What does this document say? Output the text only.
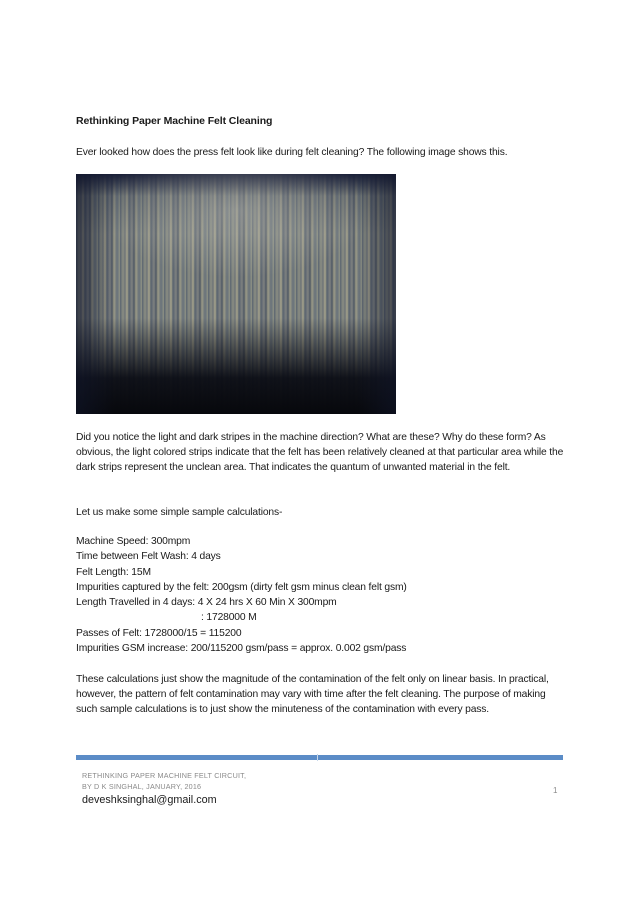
Rethinking Paper Machine Felt Cleaning
Ever looked how does the press felt look like during felt cleaning? The following image shows this.
Did you notice the light and dark stripes in the machine direction? What are these? Why do these form? As obvious, the light colored strips indicate that the felt has been relatively cleaned at that particular area while the dark strips represent the unclean area. That indicates the quantum of unwanted material in the felt.
Let us make some simple sample calculations-
Machine Speed: 300mpm
Time between Felt Wash: 4 days
Felt Length: 15M
Impurities captured by the felt: 200gsm (dirty felt gsm minus clean felt gsm)
Length Travelled in 4 days: 4 X 24 hrs X 60 Min X 300mpm
: 1728000 M
Passes of Felt: 1728000/15 = 115200
Impurities GSM increase: 200/115200 gsm/pass = approx. 0.002 gsm/pass
These calculations just show the magnitude of the contamination of the felt only on linear basis. In practical, however, the pattern of felt contamination may vary with time after the felt cleaning. The purpose of making such sample calculations is to just show the minuteness of the contamination with every pass.
RETHINKING PAPER MACHINE FELT CIRCUIT,
BY D K SINGHAL, JANUARY, 2016
deveshksinghal@gmail.com
1
